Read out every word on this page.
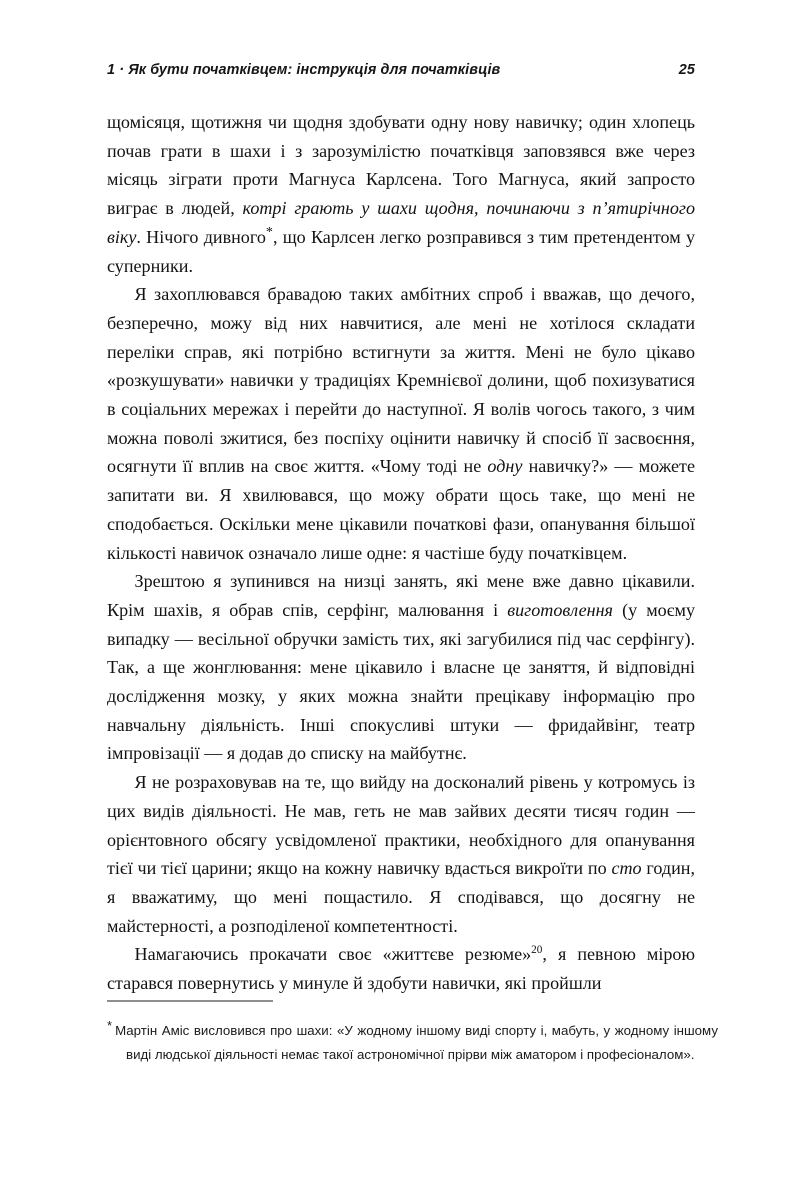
1 · Як бути початківцем: інструкція для початківців	25

щомісяця, щотижня чи щодня здобувати одну нову навичку; один хлопець почав грати в шахи і з зарозумілістю початківця заповзявся вже через місяць зіграти проти Магнуса Карлсена. Того Магнуса, який запросто виграє в людей, котрі грають у шахи щодня, починаючи з п’ятирічного віку. Нічого дивного*, що Карлсен легко розправився з тим претендентом у суперники.

Я захоплювався бравадою таких амбітних спроб і вважав, що дечого, безперечно, можу від них навчитися, але мені не хотілося складати переліки справ, які потрібно встигнути за життя. Мені не було цікаво «розкушувати» навички у традиціях Кремнієвої долини, щоб похизуватися в соціальних мережах і перейти до наступної. Я волів чогось такого, з чим можна поволі зжитися, без поспіху оцінити навичку й спосіб її засвоєння, осягнути її вплив на своє життя. «Чому тоді не одну навичку?» — можете запитати ви. Я хвилювався, що можу обрати щось таке, що мені не сподобається. Оскільки мене цікавили початкові фази, опанування більшої кількості навичок означало лише одне: я частіше буду початківцем.

Зрештою я зупинився на низці занять, які мене вже давно цікавили. Крім шахів, я обрав спів, серфінг, малювання і виготовлення (у моєму випадку — весільної обручки замість тих, які загубилися під час серфінгу). Так, а ще жонглювання: мене цікавило і власне це заняття, й відповідні дослідження мозку, у яких можна знайти прецікаву інформацію про навчальну діяльність. Інші спокусливі штуки — фридайвінг, театр імпровізації — я додав до списку на майбутнє.

Я не розраховував на те, що вийду на досконалий рівень у котромусь із цих видів діяльності. Не мав, геть не мав зайвих десяти тисяч годин — орієнтовного обсягу усвідомленої практики, необхідного для опанування тієї чи тієї царини; якщо на кожну навичку вдасться викроїти по сто годин, я вважатиму, що мені пощастило. Я сподівався, що досягну не майстерності, а розподіленої компетентності.

Намагаючись прокачати своє «життєве резюме»$^{20}$, я певною мірою старався повернутись у минуле й здобути навички, які пройшли

* Мартін Аміс висловився про шахи: «У жодному іншому виді спорту і, мабуть, у жодному іншому виді людської діяльності немає такої астрономічної прірви між аматором і професіоналом».
